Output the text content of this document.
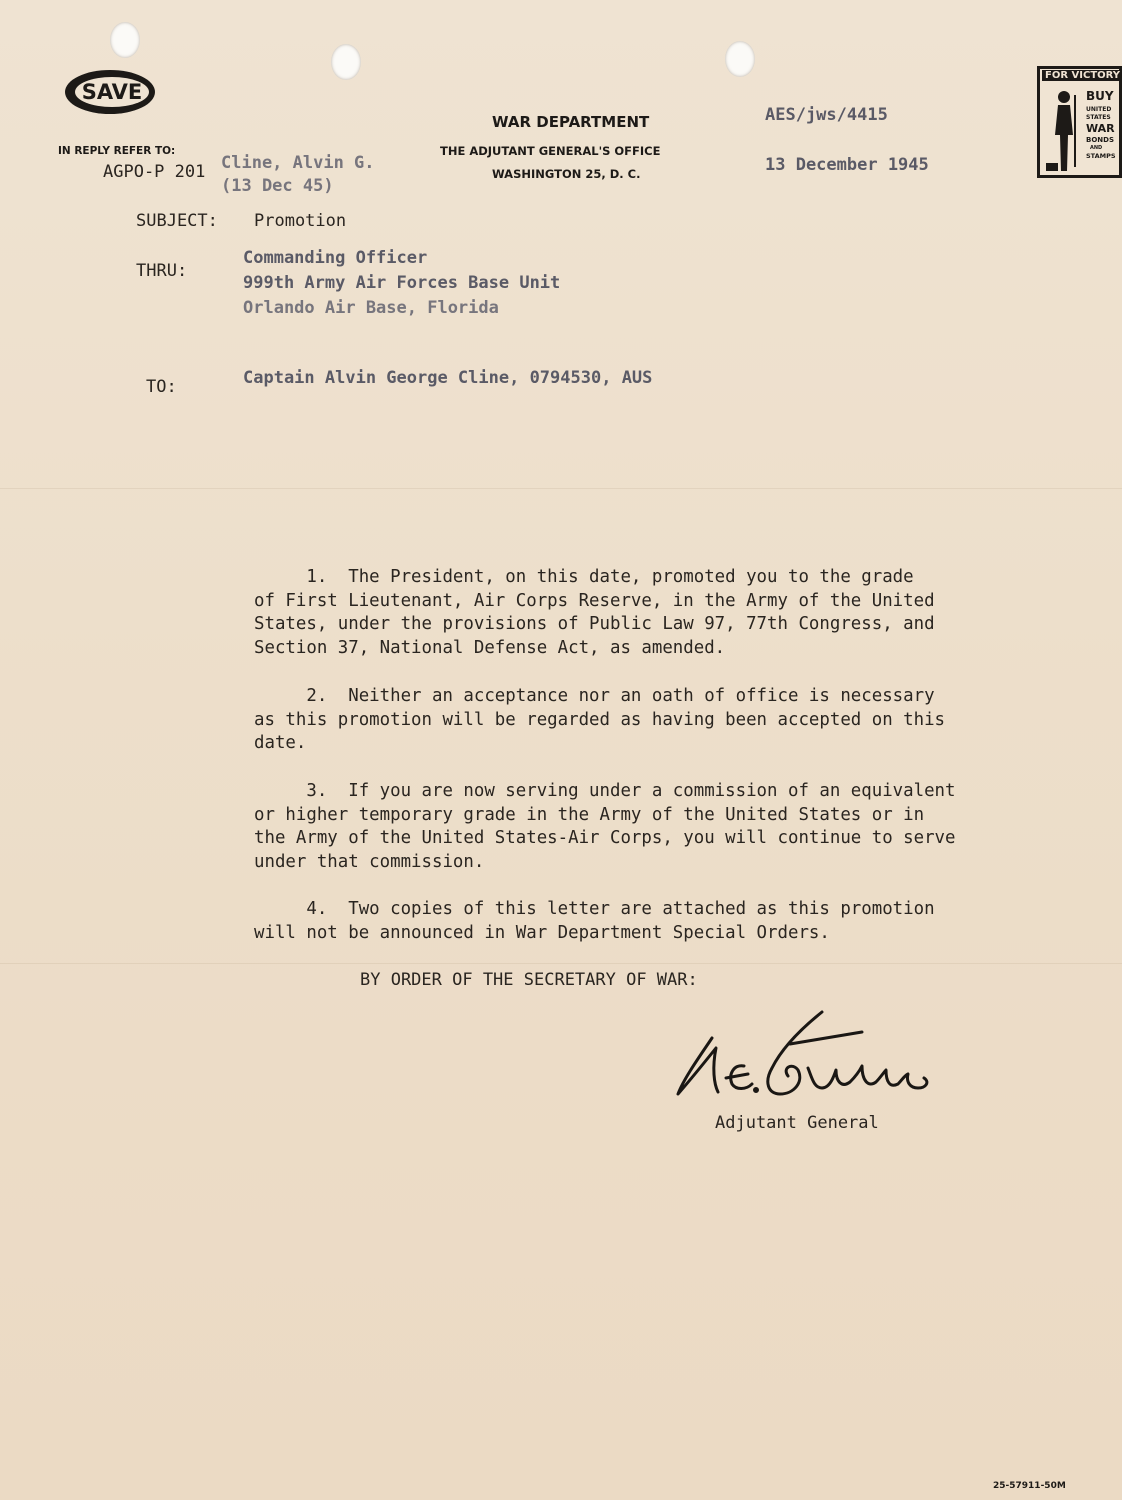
SAVE
IN REPLY REFER TO:
AGPO-P 201 Cline, Alvin G.
(13 Dec 45)
WAR DEPARTMENT
THE ADJUTANT GENERAL'S OFFICE
WASHINGTON 25, D. C.
AES/jws/4415
13 December 1945
FOR VICTORY
BUY
UNITED
STATES
WAR
BONDS
AND
STAMPS
SUBJECT: Promotion
THRU:
Commanding Officer
999th Army Air Forces Base Unit
Orlando Air Base, Florida
TO:	Captain Alvin George Cline, 0794530, AUS
1.  The President, on this date, promoted you to the grade
of First Lieutenant, Air Corps Reserve, in the Army of the United
States, under the provisions of Public Law 97, 77th Congress, and
Section 37, National Defense Act, as amended.
2.  Neither an acceptance nor an oath of office is necessary
as this promotion will be regarded as having been accepted on this
date.
3.  If you are now serving under a commission of an equivalent
or higher temporary grade in the Army of the United States or in
the Army of the United States-Air Corps, you will continue to serve
under that commission.
4.  Two copies of this letter are attached as this promotion
will not be announced in War Department Special Orders.
BY ORDER OF THE SECRETARY OF WAR:
Adjutant General
25-57911-50M
